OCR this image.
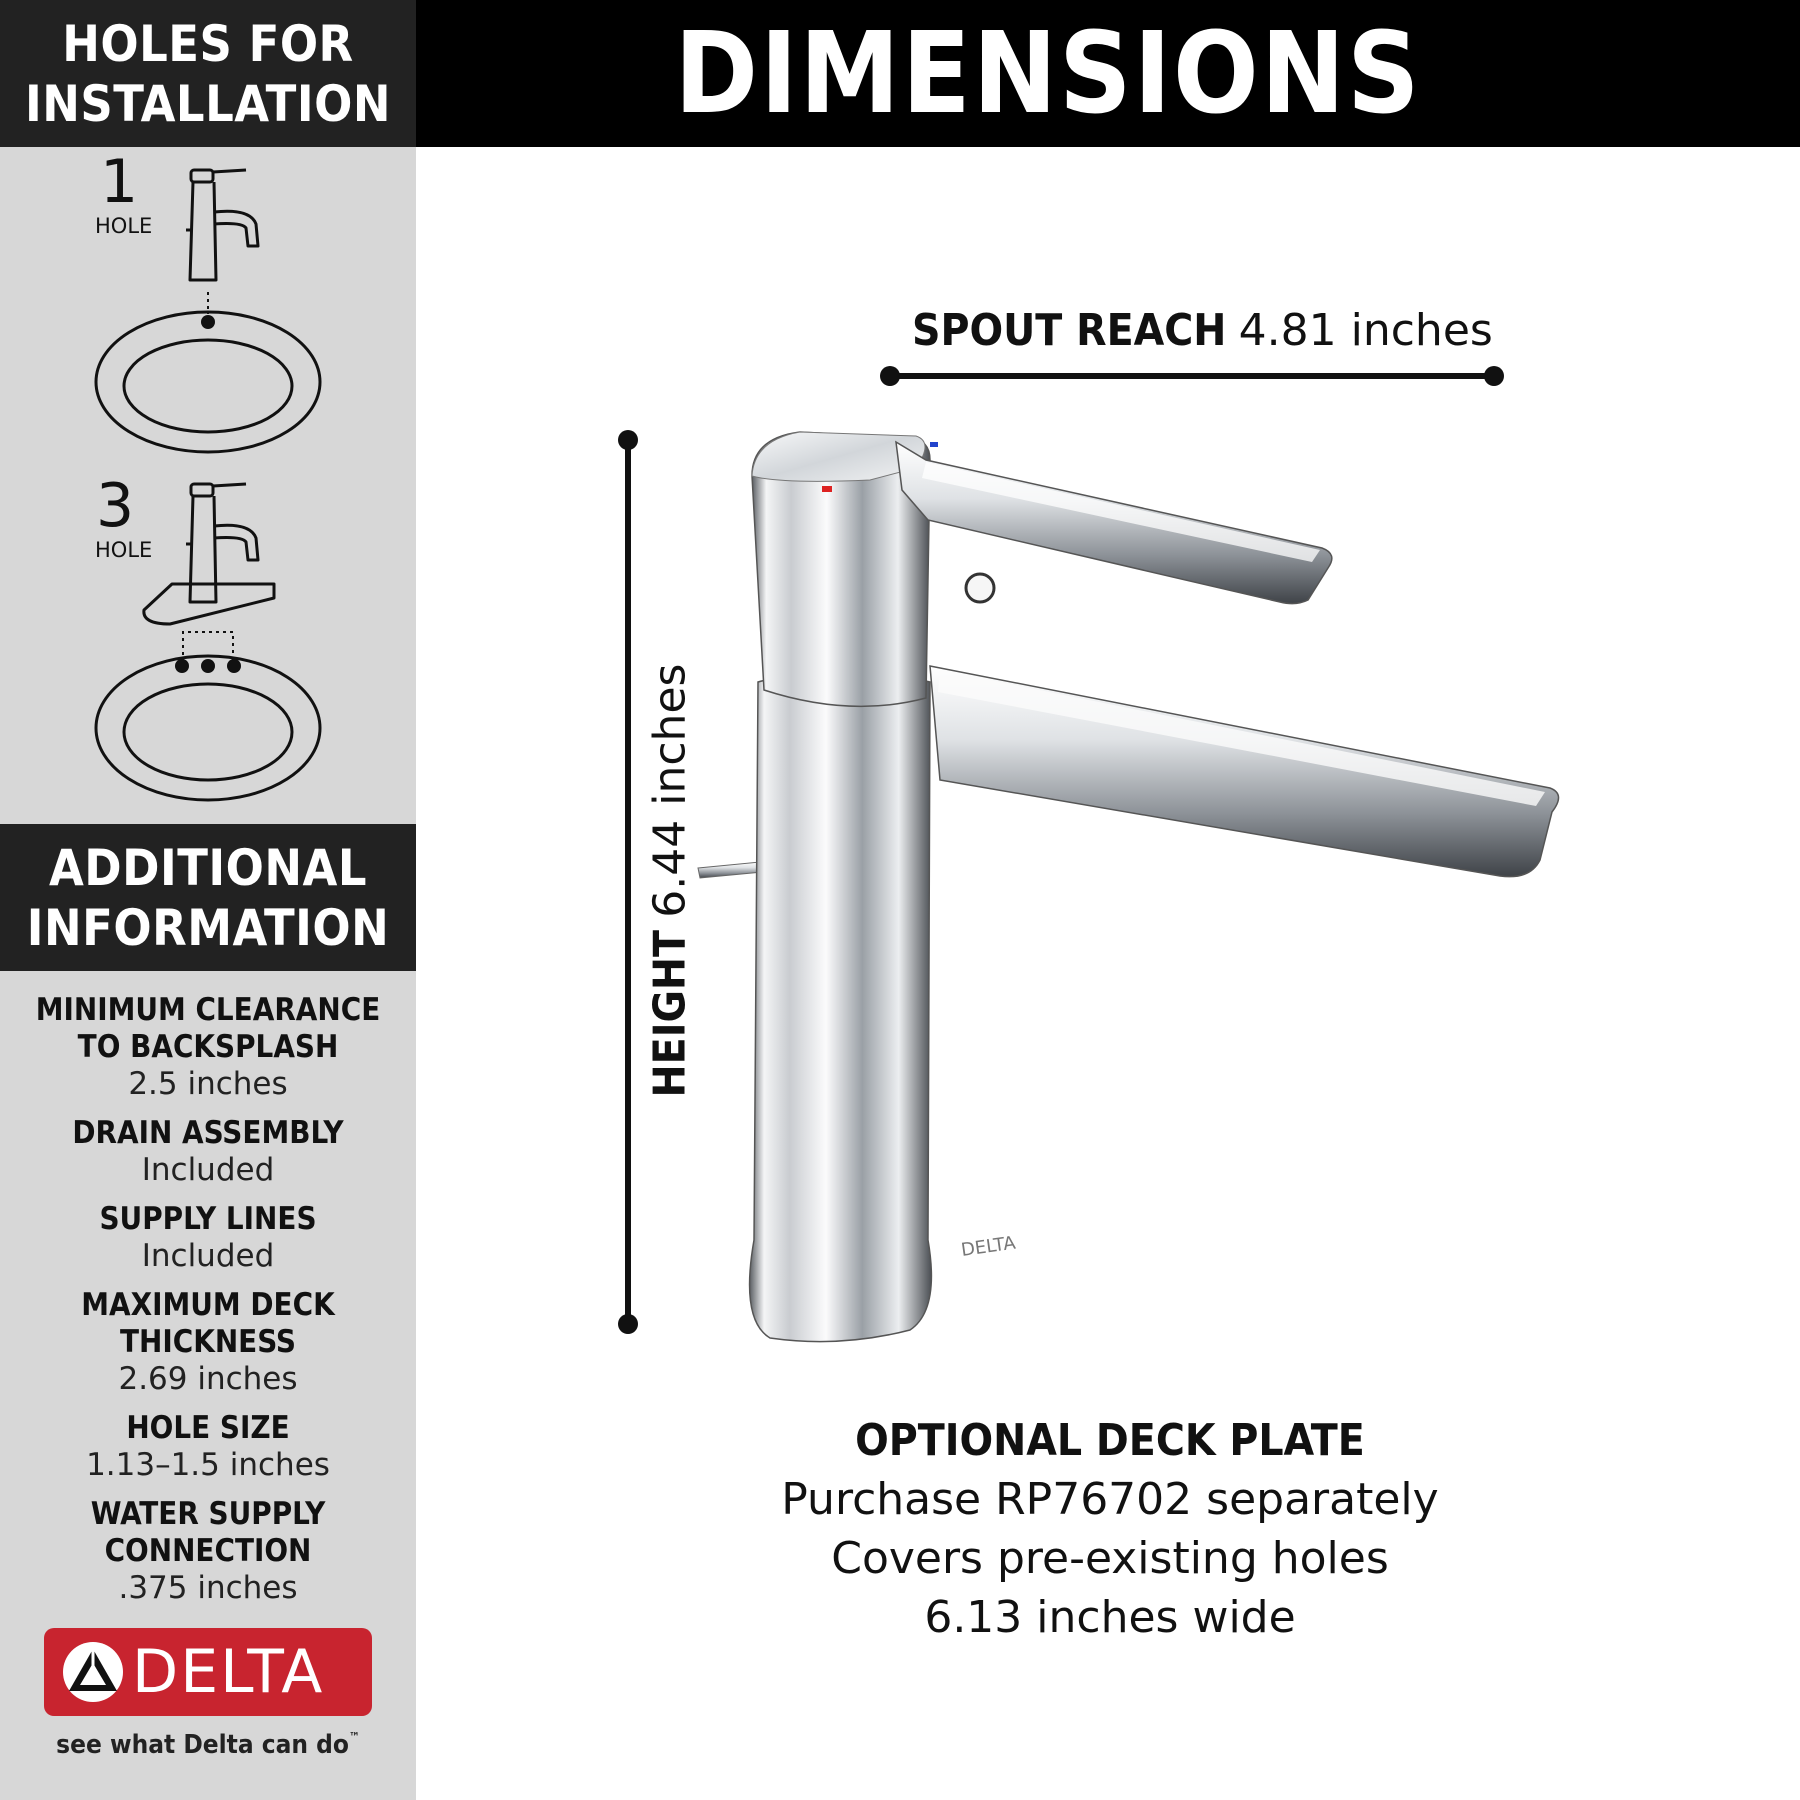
HOLES FOR
INSTALLATION
1
HOLE
3
HOLE
ADDITIONAL
INFORMATION
MINIMUM CLEARANCE
TO BACKSPLASH
2.5 inches
DRAIN ASSEMBLY
Included
SUPPLY LINES
Included
MAXIMUM DECK
THICKNESS
2.69 inches
HOLE SIZE
1.13–1.5 inches
WATER SUPPLY
CONNECTION
.375 inches
DELTA
see what Delta can do™
DIMENSIONS
SPOUT REACH 4.81 inches
HEIGHT 6.44 inches
DELTA
OPTIONAL DECK PLATE
Purchase RP76702 separately
Covers pre-existing holes
6.13 inches wide
